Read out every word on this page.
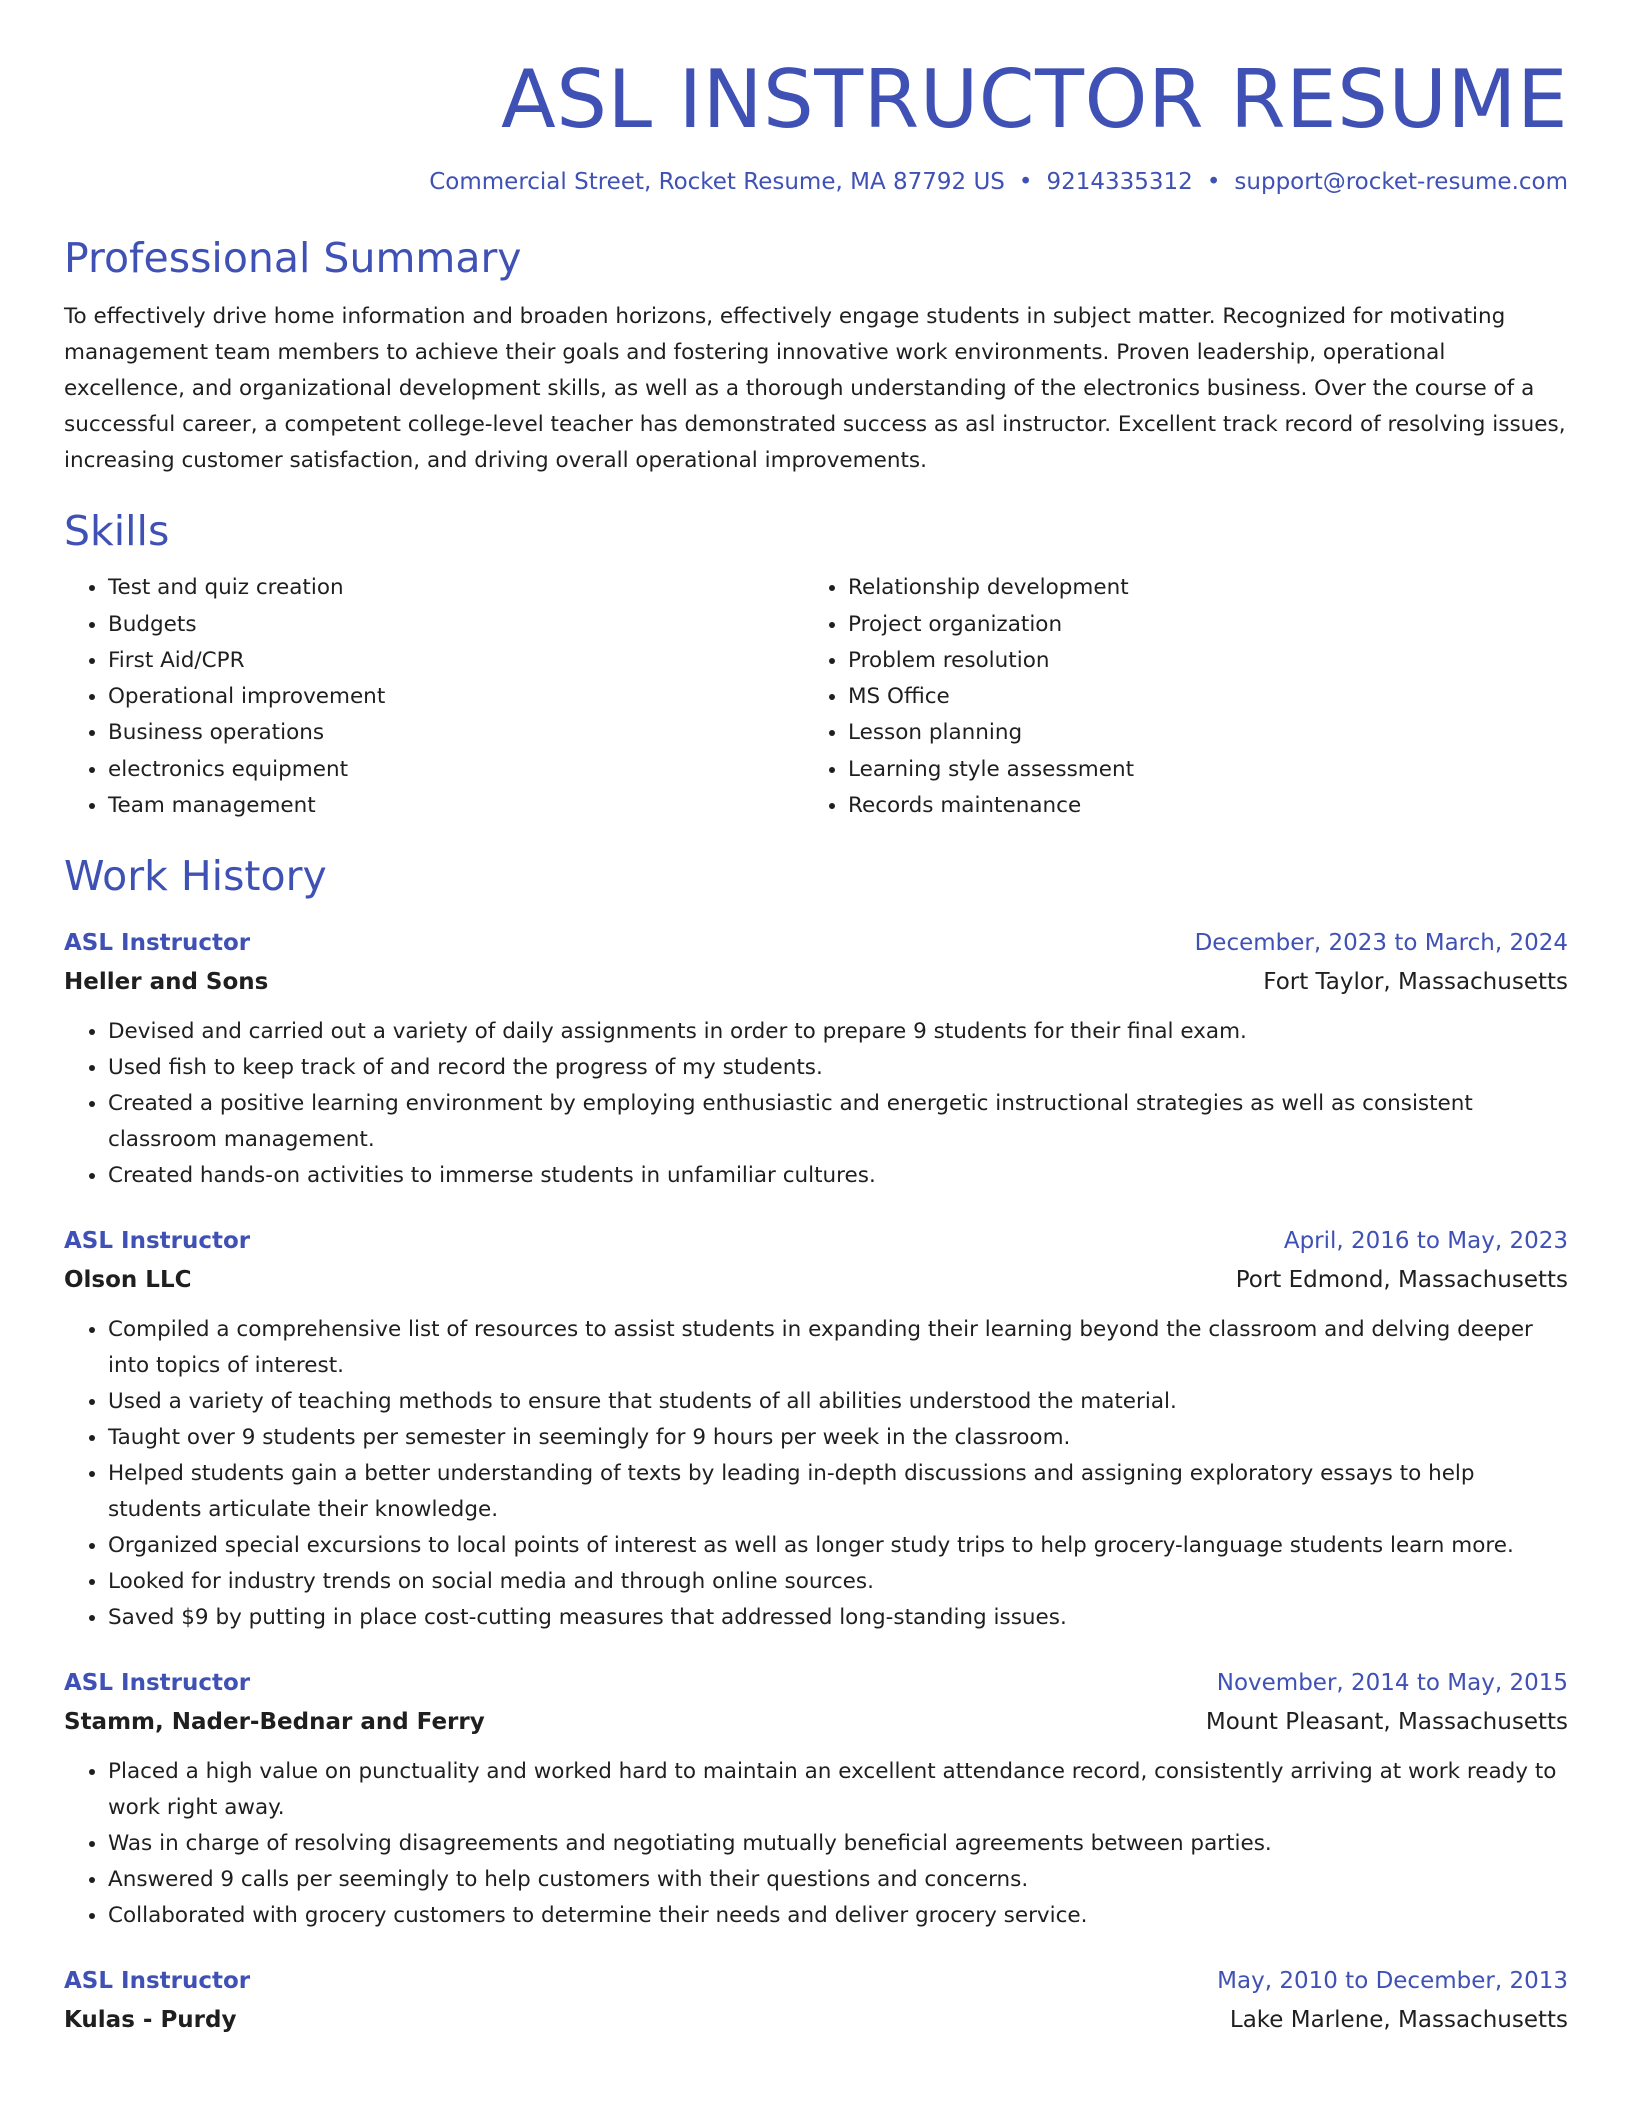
ASL INSTRUCTOR RESUME
Commercial Street, Rocket Resume, MA 87792 US • 9214335312 • support@rocket-resume.com
Professional Summary
To effectively drive home information and broaden horizons, effectively engage students in subject matter. Recognized for motivating management team members to achieve their goals and fostering innovative work environments. Proven leadership, operational excellence, and organizational development skills, as well as a thorough understanding of the electronics business. Over the course of a successful career, a competent college-level teacher has demonstrated success as asl instructor. Excellent track record of resolving issues, increasing customer satisfaction, and driving overall operational improvements.
Skills
• Test and quiz creation
• Budgets
• First Aid/CPR
• Operational improvement
• Business operations
• electronics equipment
• Team management
• Relationship development
• Project organization
• Problem resolution
• MS Office
• Lesson planning
• Learning style assessment
• Records maintenance
Work History
ASL Instructor	December, 2023 to March, 2024
Heller and Sons	Fort Taylor, Massachusetts
• Devised and carried out a variety of daily assignments in order to prepare 9 students for their final exam.
• Used fish to keep track of and record the progress of my students.
• Created a positive learning environment by employing enthusiastic and energetic instructional strategies as well as consistent classroom management.
• Created hands-on activities to immerse students in unfamiliar cultures.
ASL Instructor	April, 2016 to May, 2023
Olson LLC	Port Edmond, Massachusetts
• Compiled a comprehensive list of resources to assist students in expanding their learning beyond the classroom and delving deeper into topics of interest.
• Used a variety of teaching methods to ensure that students of all abilities understood the material.
• Taught over 9 students per semester in seemingly for 9 hours per week in the classroom.
• Helped students gain a better understanding of texts by leading in-depth discussions and assigning exploratory essays to help students articulate their knowledge.
• Organized special excursions to local points of interest as well as longer study trips to help grocery-language students learn more.
• Looked for industry trends on social media and through online sources.
• Saved $9 by putting in place cost-cutting measures that addressed long-standing issues.
ASL Instructor	November, 2014 to May, 2015
Stamm, Nader-Bednar and Ferry	Mount Pleasant, Massachusetts
• Placed a high value on punctuality and worked hard to maintain an excellent attendance record, consistently arriving at work ready to work right away.
• Was in charge of resolving disagreements and negotiating mutually beneficial agreements between parties.
• Answered 9 calls per seemingly to help customers with their questions and concerns.
• Collaborated with grocery customers to determine their needs and deliver grocery service.
ASL Instructor	May, 2010 to December, 2013
Kulas - Purdy	Lake Marlene, Massachusetts
